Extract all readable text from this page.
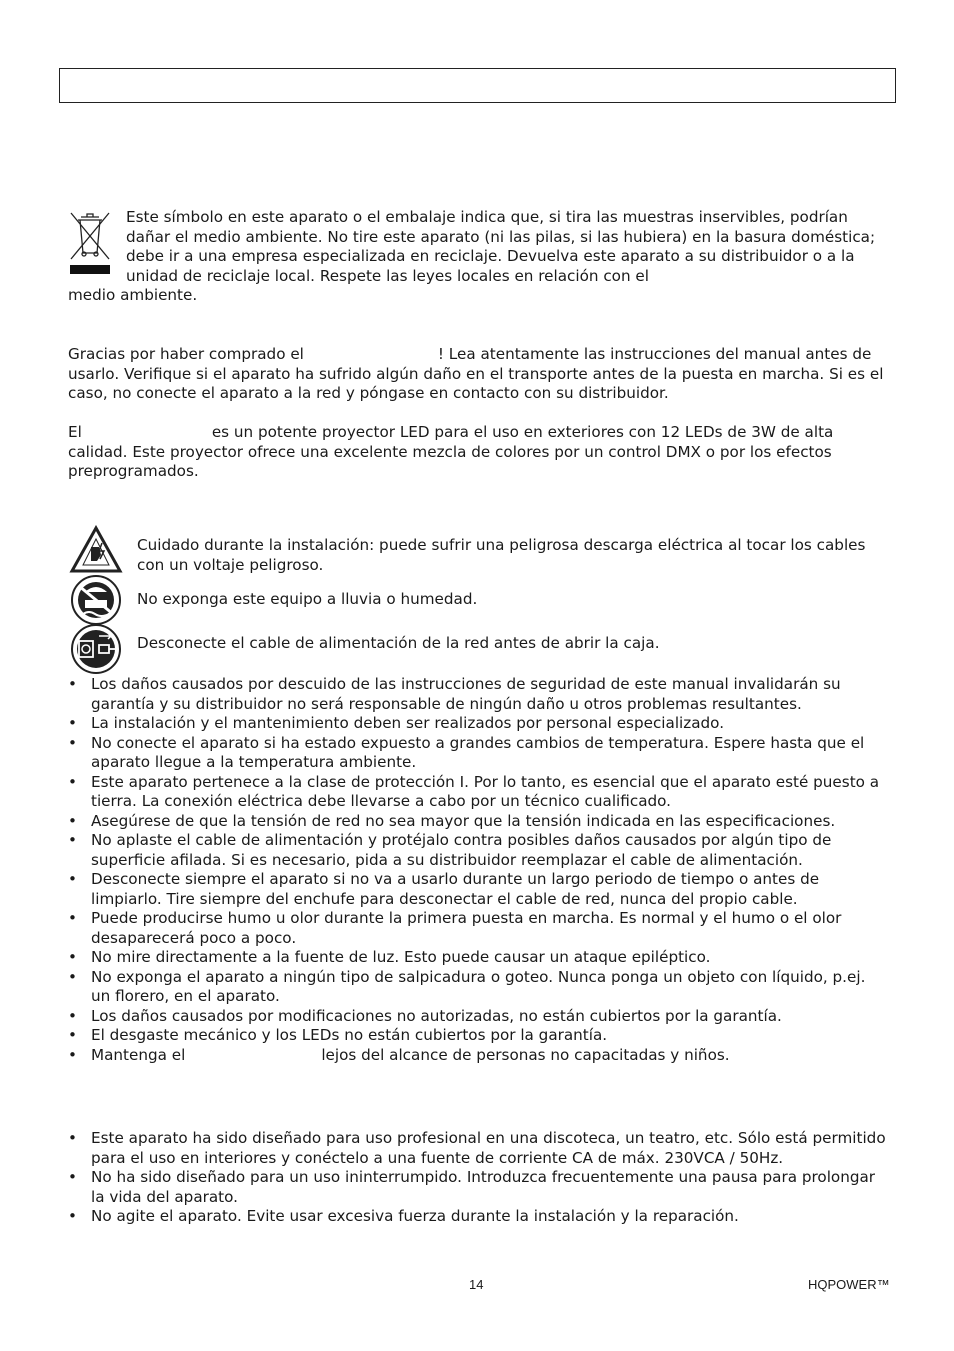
Este símbolo en este aparato o el embalaje indica que, si tira las muestras inservibles, podrían dañar el medio ambiente. No tire este aparato (ni las pilas, si las hubiera) en la basura doméstica; debe ir a una empresa especializada en reciclaje. Devuelva este aparato a su distribuidor o a la unidad de reciclaje local. Respete las leyes locales en relación con el

medio ambiente.

Gracias por haber comprado el	! Lea atentamente las instrucciones del manual antes de usarlo. Verifique si el aparato ha sufrido algún daño en el transporte antes de la puesta en marcha. Si es el caso, no conecte el aparato a la red y póngase en contacto con su distribuidor.

El	es un potente proyector LED para el uso en exteriores con 12 LEDs de 3W de alta calidad. Este proyector ofrece una excelente mezcla de colores por un control DMX o por los efectos preprogramados.

Cuidado durante la instalación: puede sufrir una peligrosa descarga eléctrica al tocar los cables con un voltaje peligroso.
No exponga este equipo a lluvia o humedad.
Desconecte el cable de alimentación de la red antes de abrir la caja.
• Los daños causados por descuido de las instrucciones de seguridad de este manual invalidarán su garantía y su distribuidor no será responsable de ningún daño u otros problemas resultantes.
• La instalación y el mantenimiento deben ser realizados por personal especializado.
• No conecte el aparato si ha estado expuesto a grandes cambios de temperatura. Espere hasta que el aparato llegue a la temperatura ambiente.
• Este aparato pertenece a la clase de protección I. Por lo tanto, es esencial que el aparato esté puesto a tierra. La conexión eléctrica debe llevarse a cabo por un técnico cualificado.
• Asegúrese de que la tensión de red no sea mayor que la tensión indicada en las especificaciones.
• No aplaste el cable de alimentación y protéjalo contra posibles daños causados por algún tipo de superficie afilada. Si es necesario, pida a su distribuidor reemplazar el cable de alimentación.
• Desconecte siempre el aparato si no va a usarlo durante un largo periodo de tiempo o antes de limpiarlo. Tire siempre del enchufe para desconectar el cable de red, nunca del propio cable.
• Puede producirse humo u olor durante la primera puesta en marcha. Es normal y el humo o el olor desaparecerá poco a poco.
• No mire directamente a la fuente de luz. Esto puede causar un ataque epiléptico.
• No exponga el aparato a ningún tipo de salpicadura o goteo. Nunca ponga un objeto con líquido, p.ej. un florero, en el aparato.
• Los daños causados por modificaciones no autorizadas, no están cubiertos por la garantía.
• El desgaste mecánico y los LEDs no están cubiertos por la garantía.
• Mantenga el	lejos del alcance de personas no capacitadas y niños.
• Este aparato ha sido diseñado para uso profesional en una discoteca, un teatro, etc. Sólo está permitido para el uso en interiores y conéctelo a una fuente de corriente CA de máx. 230VCA / 50Hz.
• No ha sido diseñado para un uso ininterrumpido. Introduzca frecuentemente una pausa para prolongar la vida del aparato.
• No agite el aparato. Evite usar excesiva fuerza durante la instalación y la reparación.
14	HQPOWER™
